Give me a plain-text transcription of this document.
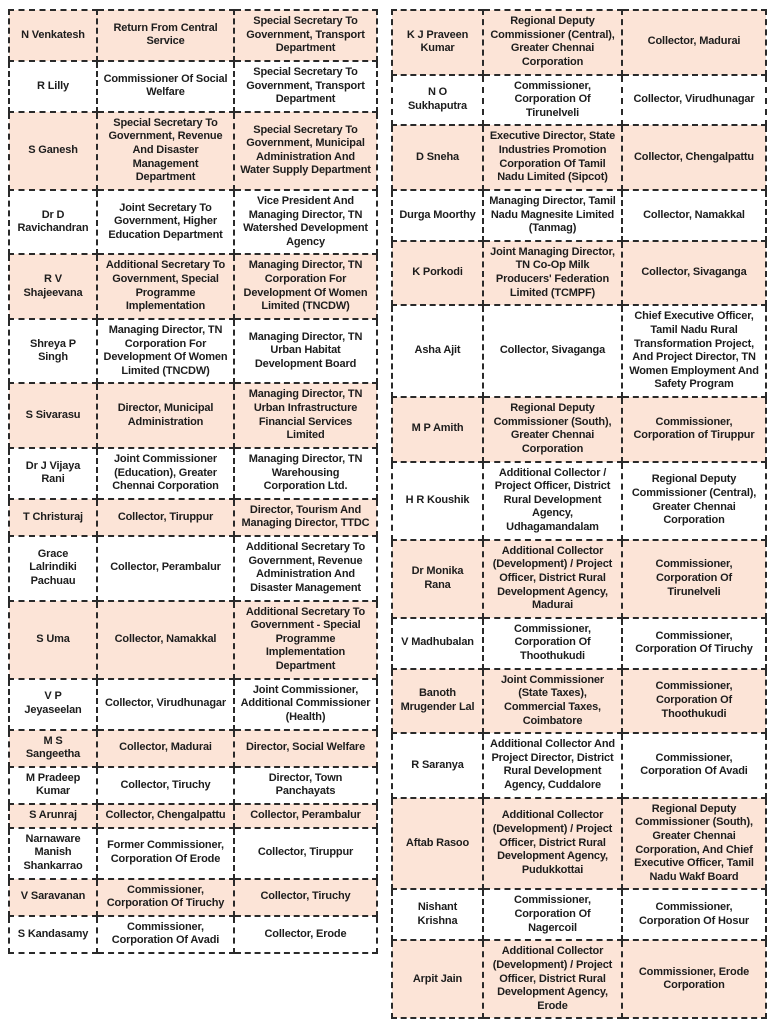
N Venkatesh	Return From Central Service	Special Secretary To Government, Transport Department
R Lilly	Commissioner Of Social Welfare	Special Secretary To Government, Transport Department
S Ganesh	Special Secretary To Government, Revenue And Disaster Management Department	Special Secretary To Government, Municipal Administration And Water Supply Department
Dr D Ravichandran	Joint Secretary To Government, Higher Education Department	Vice President And Managing Director, TN Watershed Development Agency
R V Shajeevana	Additional Secretary To Government, Special Programme Implementation	Managing Director, TN Corporation For Development Of Women Limited (TNCDW)
Shreya P Singh	Managing Director, TN Corporation For Development Of Women Limited (TNCDW)	Managing Director, TN Urban Habitat Development Board
S Sivarasu	Director, Municipal Administration	Managing Director, TN Urban Infrastructure Financial Services Limited
Dr J Vijaya Rani	Joint Commissioner (Education), Greater Chennai Corporation	Managing Director, TN Warehousing Corporation Ltd.
T Christuraj	Collector, Tiruppur	Director, Tourism And Managing Director, TTDC
Grace Lalrindiki Pachuau	Collector, Perambalur	Additional Secretary To Government, Revenue Administration And Disaster Management
S Uma	Collector, Namakkal	Additional Secretary To Government - Special Programme Implementation Department
V P Jeyaseelan	Collector, Virudhunagar	Joint Commissioner, Additional Commissioner (Health)
M S Sangeetha	Collector, Madurai	Director, Social Welfare
M Pradeep Kumar	Collector, Tiruchy	Director, Town Panchayats
S Arunraj	Collector, Chengalpattu	Collector, Perambalur
Narnaware Manish Shankarrao	Former Commissioner, Corporation Of Erode	Collector, Tiruppur
V Saravanan	Commissioner, Corporation Of Tiruchy	Collector, Tiruchy
S Kandasamy	Commissioner, Corporation Of Avadi	Collector, Erode
K J Praveen Kumar	Regional Deputy Commissioner (Central), Greater Chennai Corporation	Collector, Madurai
N O Sukhaputra	Commissioner, Corporation Of Tirunelveli	Collector, Virudhunagar
D Sneha	Executive Director, State Industries Promotion Corporation Of Tamil Nadu Limited (Sipcot)	Collector, Chengalpattu
Durga Moorthy	Managing Director, Tamil Nadu Magnesite Limited (Tanmag)	Collector, Namakkal
K Porkodi	Joint Managing Director, TN Co-Op Milk Producers' Federation Limited (TCMPF)	Collector, Sivaganga
Asha Ajit	Collector, Sivaganga	Chief Executive Officer, Tamil Nadu Rural Transformation Project, And Project Director, TN Women Employment And Safety Program
M P Amith	Regional Deputy Commissioner (South), Greater Chennai Corporation	Commissioner, Corporation of Tiruppur
H R Koushik	Additional Collector / Project Officer, District Rural Development Agency, Udhagamandalam	Regional Deputy Commissioner (Central), Greater Chennai Corporation
Dr Monika Rana	Additional Collector (Development) / Project Officer, District Rural Development Agency, Madurai	Commissioner, Corporation Of Tirunelveli
V Madhubalan	Commissioner, Corporation Of Thoothukudi	Commissioner, Corporation Of Tiruchy
Banoth Mrugender Lal	Joint Commissioner (State Taxes), Commercial Taxes, Coimbatore	Commissioner, Corporation Of Thoothukudi
R Saranya	Additional Collector And Project Director, District Rural Development Agency, Cuddalore	Commissioner, Corporation Of Avadi
Aftab Rasoo	Additional Collector (Development) / Project Officer, District Rural Development Agency, Pudukkottai	Regional Deputy Commissioner (South), Greater Chennai Corporation, And Chief Executive Officer, Tamil Nadu Wakf Board
Nishant Krishna	Commissioner, Corporation Of Nagercoil	Commissioner, Corporation Of Hosur
Arpit Jain	Additional Collector (Development) / Project Officer, District Rural Development Agency, Erode	Commissioner, Erode Corporation
